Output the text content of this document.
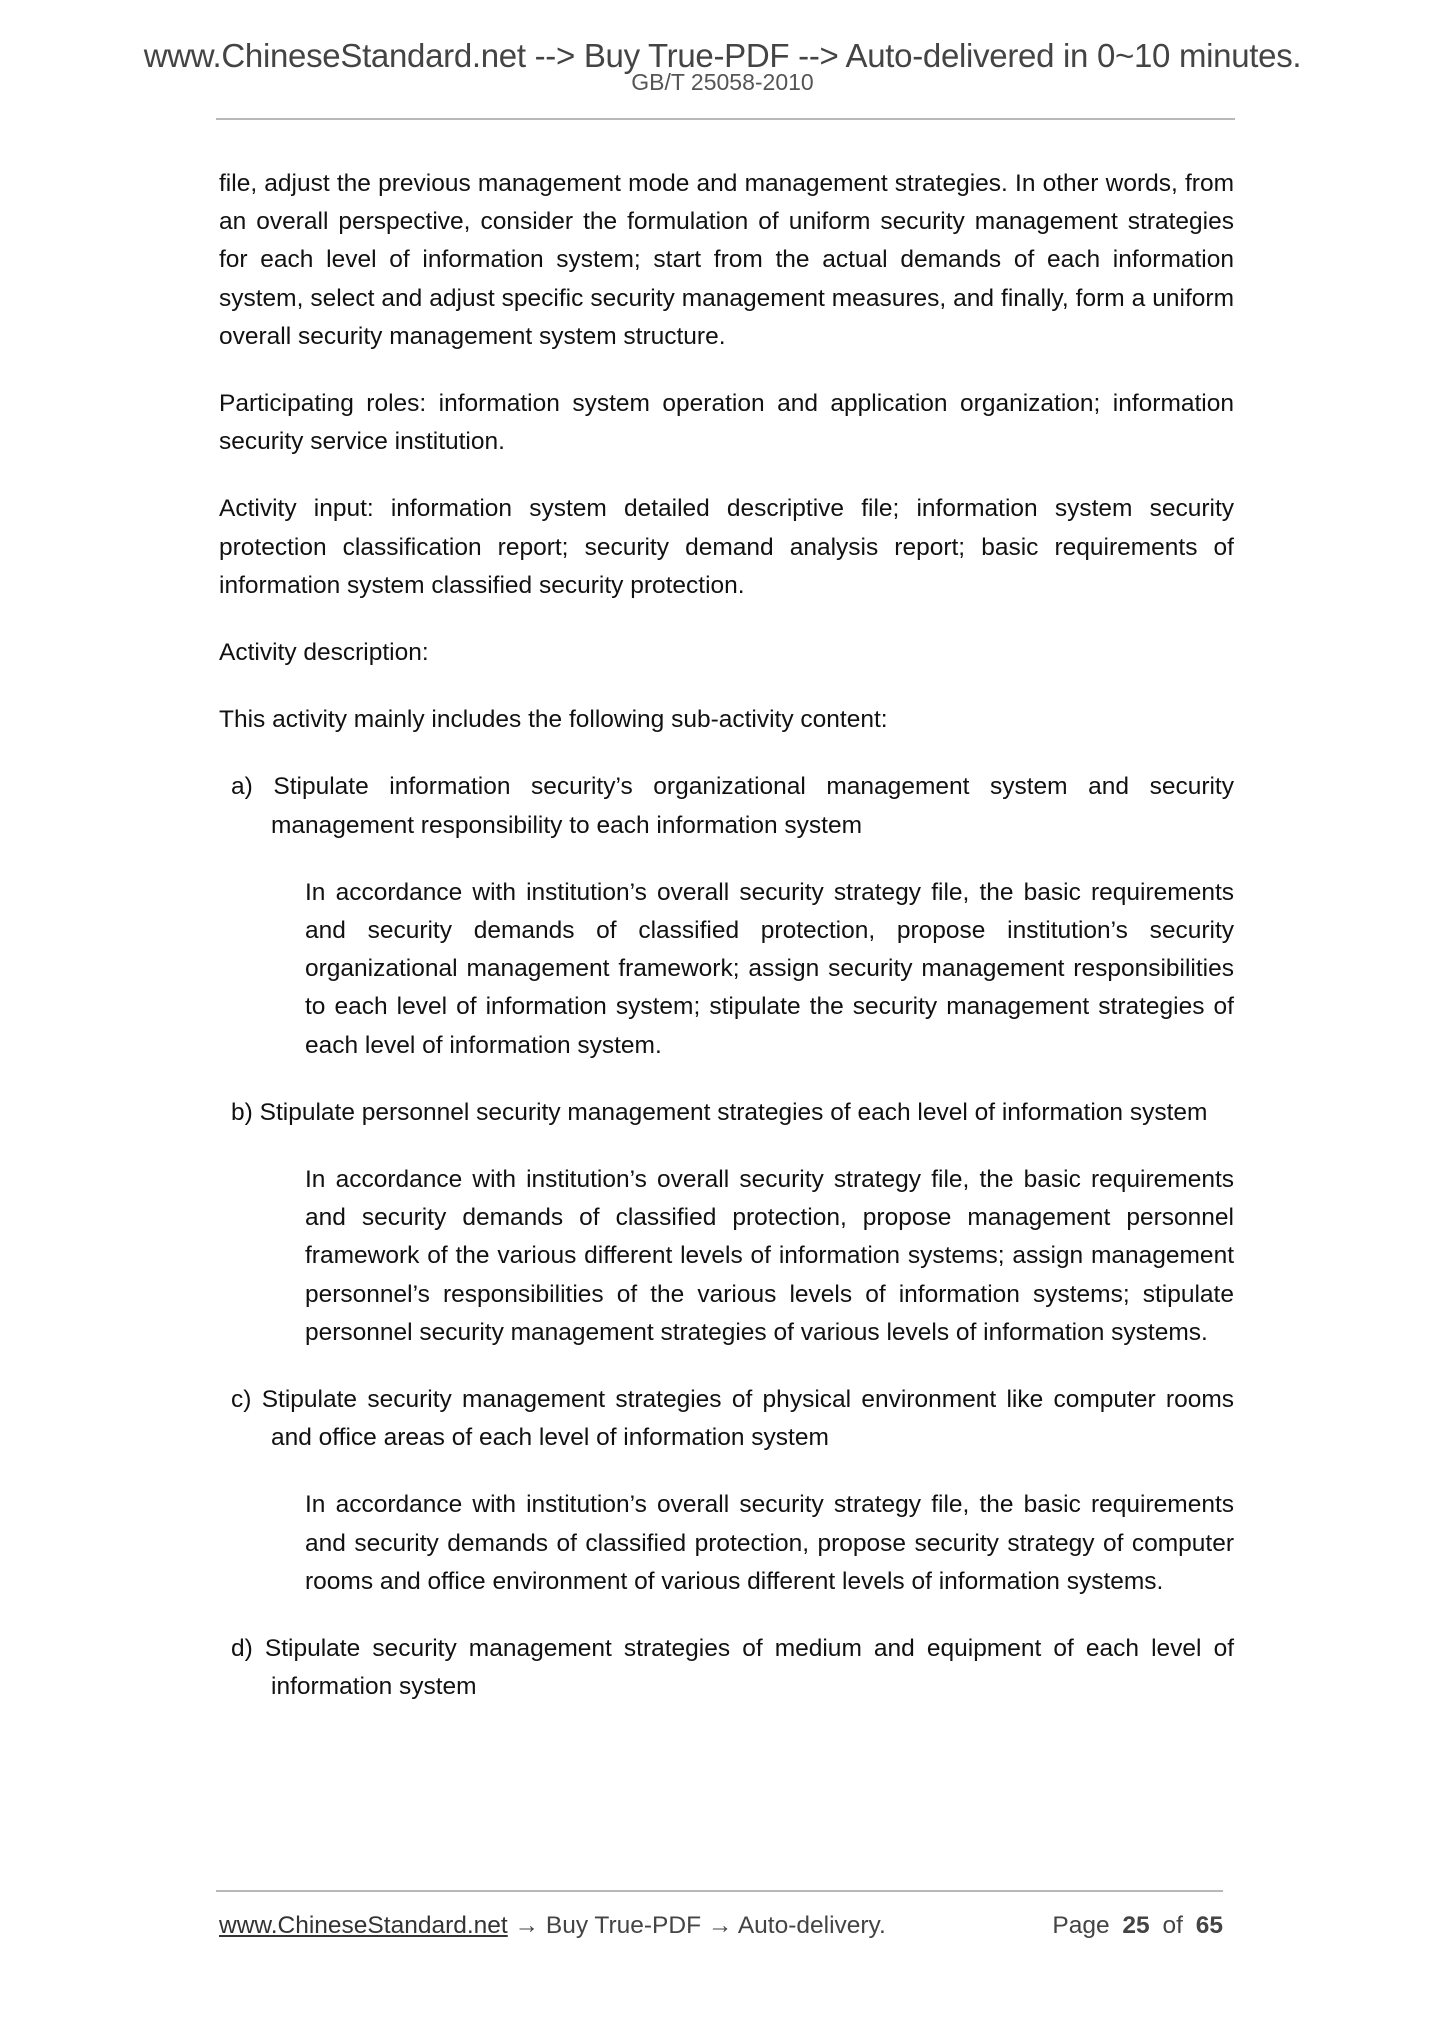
www.ChineseStandard.net --> Buy True-PDF --> Auto-delivered in 0~10 minutes.
GB/T 25058-2010

file, adjust the previous management mode and management strategies. In other words, from an overall perspective, consider the formulation of uniform security management strategies for each level of information system; start from the actual demands of each information system, select and adjust specific security management measures, and finally, form a uniform overall security management system structure.

Participating roles: information system operation and application organization; information security service institution.

Activity input: information system detailed descriptive file; information system security protection classification report; security demand analysis report; basic requirements of information system classified security protection.

Activity description:

This activity mainly includes the following sub-activity content:

a) Stipulate information security’s organizational management system and security management responsibility to each information system
In accordance with institution’s overall security strategy file, the basic requirements and security demands of classified protection, propose institution’s security organizational management framework; assign security management responsibilities to each level of information system; stipulate the security management strategies of each level of information system.
b) Stipulate personnel security management strategies of each level of information system
In accordance with institution’s overall security strategy file, the basic requirements and security demands of classified protection, propose management personnel framework of the various different levels of information systems; assign management personnel’s responsibilities of the various levels of information systems; stipulate personnel security management strategies of various levels of information systems.
c) Stipulate security management strategies of physical environment like computer rooms and office areas of each level of information system
In accordance with institution’s overall security strategy file, the basic requirements and security demands of classified protection, propose security strategy of computer rooms and office environment of various different levels of information systems.
d) Stipulate security management strategies of medium and equipment of each level of information system
www.ChineseStandard.net → Buy True-PDF → Auto-delivery.	Page 25 of 65
